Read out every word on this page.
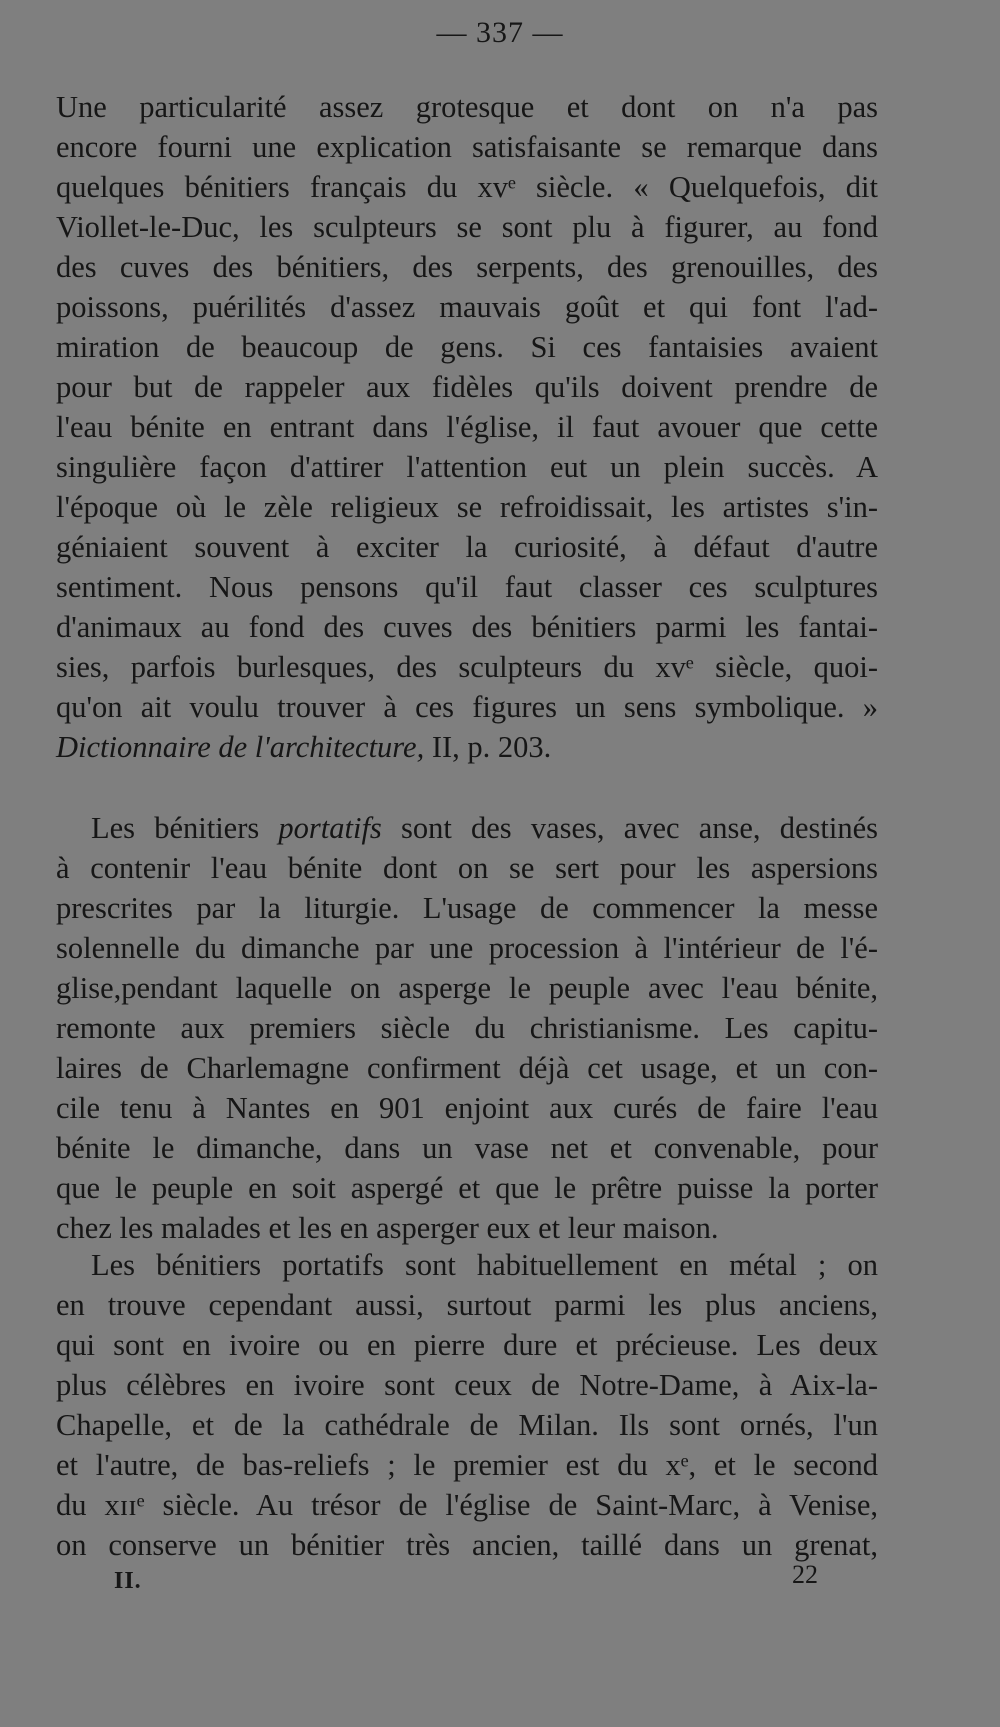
— 337 —
Une particularité assez grotesque et dont on n'a pas
encore fourni une explication satisfaisante se remarque dans
quelques bénitiers français du xvᵉ siècle. « Quelquefois, dit
Viollet-le-Duc, les sculpteurs se sont plu à figurer, au fond
des cuves des bénitiers, des serpents, des grenouilles, des
poissons, puérilités d'assez mauvais goût et qui font l'ad-
miration de beaucoup de gens. Si ces fantaisies avaient
pour but de rappeler aux fidèles qu'ils doivent prendre de
l'eau bénite en entrant dans l'église, il faut avouer que cette
singulière façon d'attirer l'attention eut un plein succès. A
l'époque où le zèle religieux se refroidissait, les artistes s'in-
géniaient souvent à exciter la curiosité, à défaut d'autre
sentiment. Nous pensons qu'il faut classer ces sculptures
d'animaux au fond des cuves des bénitiers parmi les fantai-
sies, parfois burlesques, des sculpteurs du xvᵉ siècle, quoi-
qu'on ait voulu trouver à ces figures un sens symbolique. »
Dictionnaire de l'architecture, II, p. 203.
Les bénitiers portatifs sont des vases, avec anse, destinés
à contenir l'eau bénite dont on se sert pour les aspersions
prescrites par la liturgie. L'usage de commencer la messe
solennelle du dimanche par une procession à l'intérieur de l'é-
glise,pendant laquelle on asperge le peuple avec l'eau bénite,
remonte aux premiers siècle du christianisme. Les capitu-
laires de Charlemagne confirment déjà cet usage, et un con-
cile tenu à Nantes en 901 enjoint aux curés de faire l'eau
bénite le dimanche, dans un vase net et convenable, pour
que le peuple en soit aspergé et que le prêtre puisse la porter
chez les malades et les en asperger eux et leur maison.
Les bénitiers portatifs sont habituellement en métal ; on
en trouve cependant aussi, surtout parmi les plus anciens,
qui sont en ivoire ou en pierre dure et précieuse. Les deux
plus célèbres en ivoire sont ceux de Notre-Dame, à Aix-la-
Chapelle, et de la cathédrale de Milan. Ils sont ornés, l'un
et l'autre, de bas-reliefs ; le premier est du xᵉ, et le second
du xɪɪᵉ siècle. Au trésor de l'église de Saint-Marc, à Venise,
on conserve un bénitier très ancien, taillé dans un grenat,
II.	22
